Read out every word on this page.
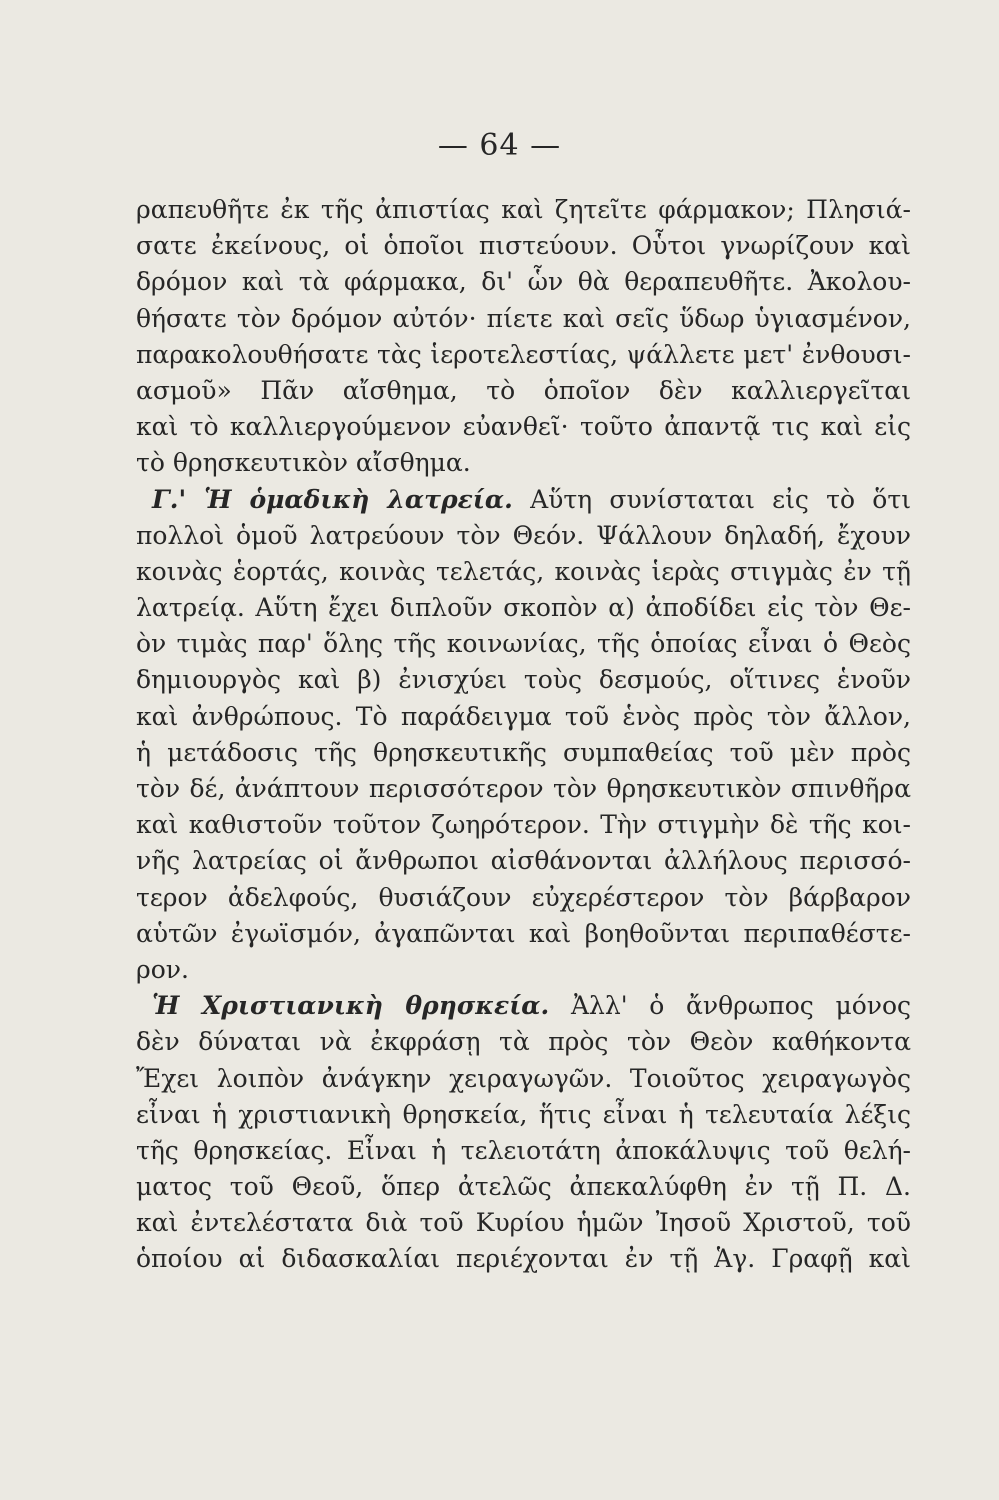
— 64 —
ραπευθῆτε ἐκ τῆς ἀπιστίας καὶ ζητεῖτε φάρμακον; Πλησιά-
σατε ἐκείνους, οἱ ὁποῖοι πιστεύουν. Οὗτοι γνωρίζουν καὶ
δρόμον καὶ τὰ φάρμακα, δι' ὧν θὰ θεραπευθῆτε. Ἀκολου-
θήσατε τὸν δρόμον αὐτόν· πίετε καὶ σεῖς ὕδωρ ὑγιασμένον,
παρακολουθήσατε τὰς ἱεροτελεστίας, ψάλλετε μετ' ἐνθουσι-
ασμοῦ» Πᾶν αἴσθημα, τὸ ὁποῖον δὲν καλλιεργεῖται
καὶ τὸ καλλιεργούμενον εὐανθεῖ· τοῦτο ἀπαντᾷ τις καὶ εἰς
τὸ θρησκευτικὸν αἴσθημα.
Γ.' Ἡ ὁμαδικὴ λατρεία. Αὕτη συνίσταται εἰς τὸ ὅτι
πολλοὶ ὁμοῦ λατρεύουν τὸν Θεόν. Ψάλλουν δηλαδή, ἔχουν
κοινὰς ἑορτάς, κοινὰς τελετάς, κοινὰς ἱερὰς στιγμὰς ἐν τῇ
λατρείᾳ. Αὕτη ἔχει διπλοῦν σκοπὸν α) ἀποδίδει εἰς τὸν Θε-
ὸν τιμὰς παρ' ὅλης τῆς κοινωνίας, τῆς ὁποίας εἶναι ὁ Θεὸς
δημιουργὸς καὶ β) ἐνισχύει τοὺς δεσμούς, οἵτινες ἑνοῦν
καὶ ἀνθρώπους. Τὸ παράδειγμα τοῦ ἑνὸς πρὸς τὸν ἄλλον,
ἡ μετάδοσις τῆς θρησκευτικῆς συμπαθείας τοῦ μὲν πρὸς
τὸν δέ, ἀνάπτουν περισσότερον τὸν θρησκευτικὸν σπινθῆρα
καὶ καθιστοῦν τοῦτον ζωηρότερον. Τὴν στιγμὴν δὲ τῆς κοι-
νῆς λατρείας οἱ ἄνθρωποι αἰσθάνονται ἀλλήλους περισσό-
τερον ἀδελφούς, θυσιάζουν εὐχερέστερον τὸν βάρβαρον
αὑτῶν ἐγωϊσμόν, ἀγαπῶνται καὶ βοηθοῦνται περιπαθέστε-
ρον.
Ἡ Χριστιανικὴ θρησκεία. Ἀλλ' ὁ ἄνθρωπος μόνος
δὲν δύναται νὰ ἐκφράσῃ τὰ πρὸς τὸν Θεὸν καθήκοντα
Ἔχει λοιπὸν ἀνάγκην χειραγωγῶν. Τοιοῦτος χειραγωγὸς
εἶναι ἡ χριστιανικὴ θρησκεία, ἥτις εἶναι ἡ τελευταία λέξις
τῆς θρησκείας. Εἶναι ἡ τελειοτάτη ἀποκάλυψις τοῦ θελή-
ματος τοῦ Θεοῦ, ὅπερ ἀτελῶς ἀπεκαλύφθη ἐν τῇ Π. Δ.
καὶ ἐντελέστατα διὰ τοῦ Κυρίου ἡμῶν Ἰησοῦ Χριστοῦ, τοῦ
ὁποίου αἱ διδασκαλίαι περιέχονται ἐν τῇ Ἁγ. Γραφῇ καὶ
